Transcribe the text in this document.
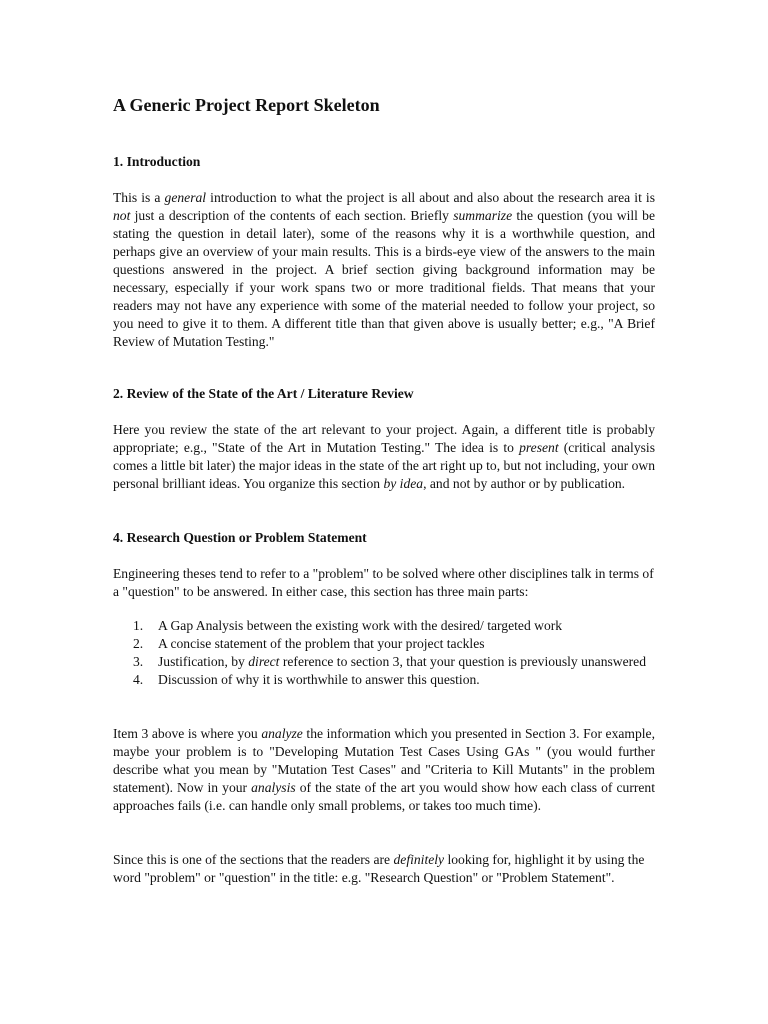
A Generic Project Report Skeleton
1. Introduction

This is a general introduction to what the project is all about and also about the research area it is not just a description of the contents of each section. Briefly summarize the question (you will be stating the question in detail later), some of the reasons why it is a worthwhile question, and perhaps give an overview of your main results. This is a birds-eye view of the answers to the main questions answered in the project. A brief section giving background information may be necessary, especially if your work spans two or more traditional fields. That means that your readers may not have any experience with some of the material needed to follow your project, so you need to give it to them. A different title than that given above is usually better; e.g., "A Brief Review of Mutation Testing."

2. Review of the State of the Art / Literature Review

Here you review the state of the art relevant to your project. Again, a different title is probably appropriate; e.g., "State of the Art in Mutation Testing." The idea is to present (critical analysis comes a little bit later) the major ideas in the state of the art right up to, but not including, your own personal brilliant ideas. You organize this section by idea, and not by author or by publication.

4. Research Question or Problem Statement

Engineering theses tend to refer to a "problem" to be solved where other disciplines talk in terms of a "question" to be answered. In either case, this section has three main parts:

1. A Gap Analysis between the existing work with the desired/ targeted work
2. A concise statement of the problem that your project tackles
3. Justification, by direct reference to section 3, that your question is previously unanswered
4. Discussion of why it is worthwhile to answer this question.

Item 3 above is where you analyze the information which you presented in Section 3. For example, maybe your problem is to "Developing Mutation Test Cases Using GAs " (you would further describe what you mean by "Mutation Test Cases" and "Criteria to Kill Mutants" in the problem statement). Now in your analysis of the state of the art you would show how each class of current approaches fails (i.e. can handle only small problems, or takes too much time).

Since this is one of the sections that the readers are definitely looking for, highlight it by using the word "problem" or "question" in the title: e.g. "Research Question" or "Problem Statement".
